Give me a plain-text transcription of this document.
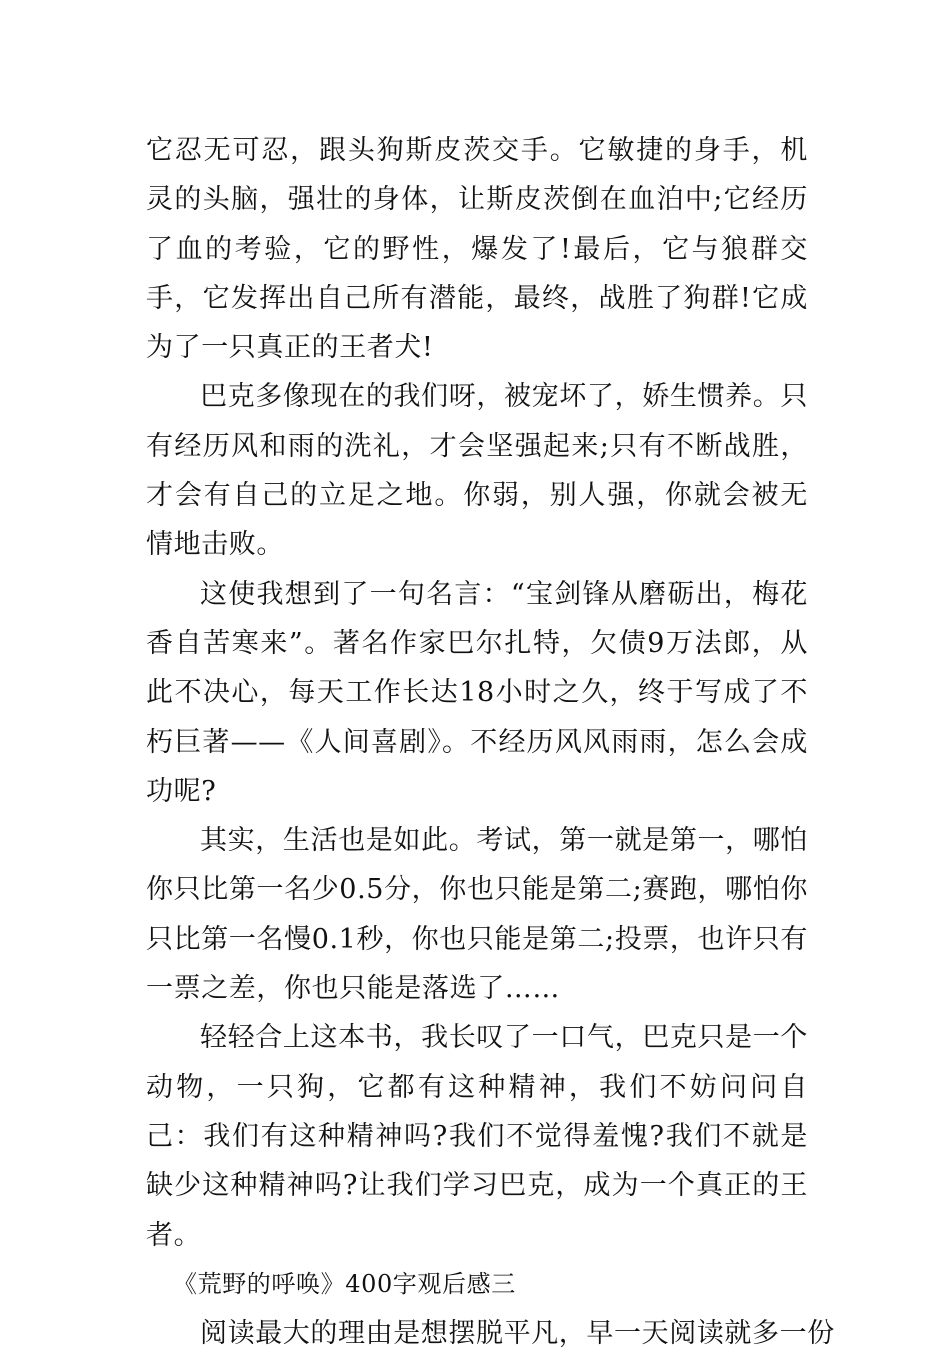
它忍无可忍，跟头狗斯皮茨交手。它敏捷的身手，机灵的头脑，强壮的身体，让斯皮茨倒在血泊中;它经历了血的考验，它的野性，爆发了!最后，它与狼群交手，它发挥出自己所有潜能，最终，战胜了狗群!它成为了一只真正的王者犬!

巴克多像现在的我们呀，被宠坏了，娇生惯养。只有经历风和雨的洗礼，才会坚强起来;只有不断战胜，才会有自己的立足之地。你弱，别人强，你就会被无情地击败。

这使我想到了一句名言：“宝剑锋从磨砺出，梅花香自苦寒来”。著名作家巴尔扎特，欠债9万法郎，从此不决心，每天工作长达18小时之久，终于写成了不朽巨著——《人间喜剧》。不经历风风雨雨，怎么会成功呢?

其实，生活也是如此。考试，第一就是第一，哪怕你只比第一名少0.5分，你也只能是第二;赛跑，哪怕你只比第一名慢0.1秒，你也只能是第二;投票，也许只有一票之差，你也只能是落选了……

轻轻合上这本书，我长叹了一口气，巴克只是一个动物，一只狗，它都有这种精神，我们不妨问问自己：我们有这种精神吗?我们不觉得羞愧?我们不就是缺少这种精神吗?让我们学习巴克，成为一个真正的王者。

《荒野的呼唤》400字观后感三

阅读最大的理由是想摆脱平凡，早一天阅读就多一份
